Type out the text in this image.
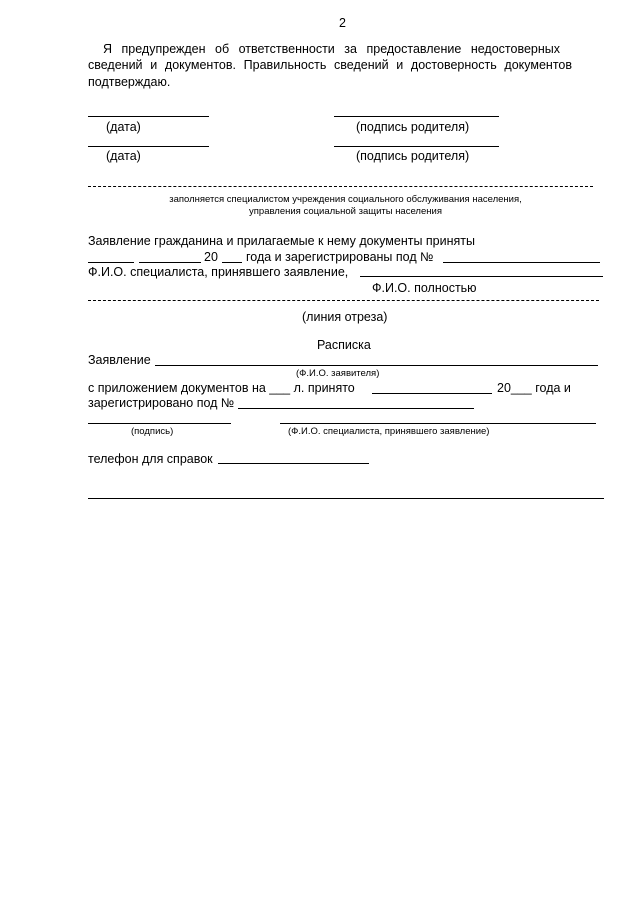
2
Я предупрежден об ответственности за предоставление недостоверных
сведений и документов. Правильность сведений и достоверность документов
подтверждаю.
(дата)	(подпись родителя)
(дата)	(подпись родителя)
заполняется специалистом учреждения социального обслуживания населения,
управления социальной защиты населения
Заявление гражданина и прилагаемые к нему документы приняты
20 года и зарегистрированы под №
Ф.И.О. специалиста, принявшего заявление,
Ф.И.О. полностью
(линия отреза)
Расписка
Заявление
(Ф.И.О. заявителя)
с приложением документов на ___ л. принято	20___ года и
зарегистрировано под №
(подпись)	(Ф.И.О. специалиста, принявшего заявление)
телефон для справок
